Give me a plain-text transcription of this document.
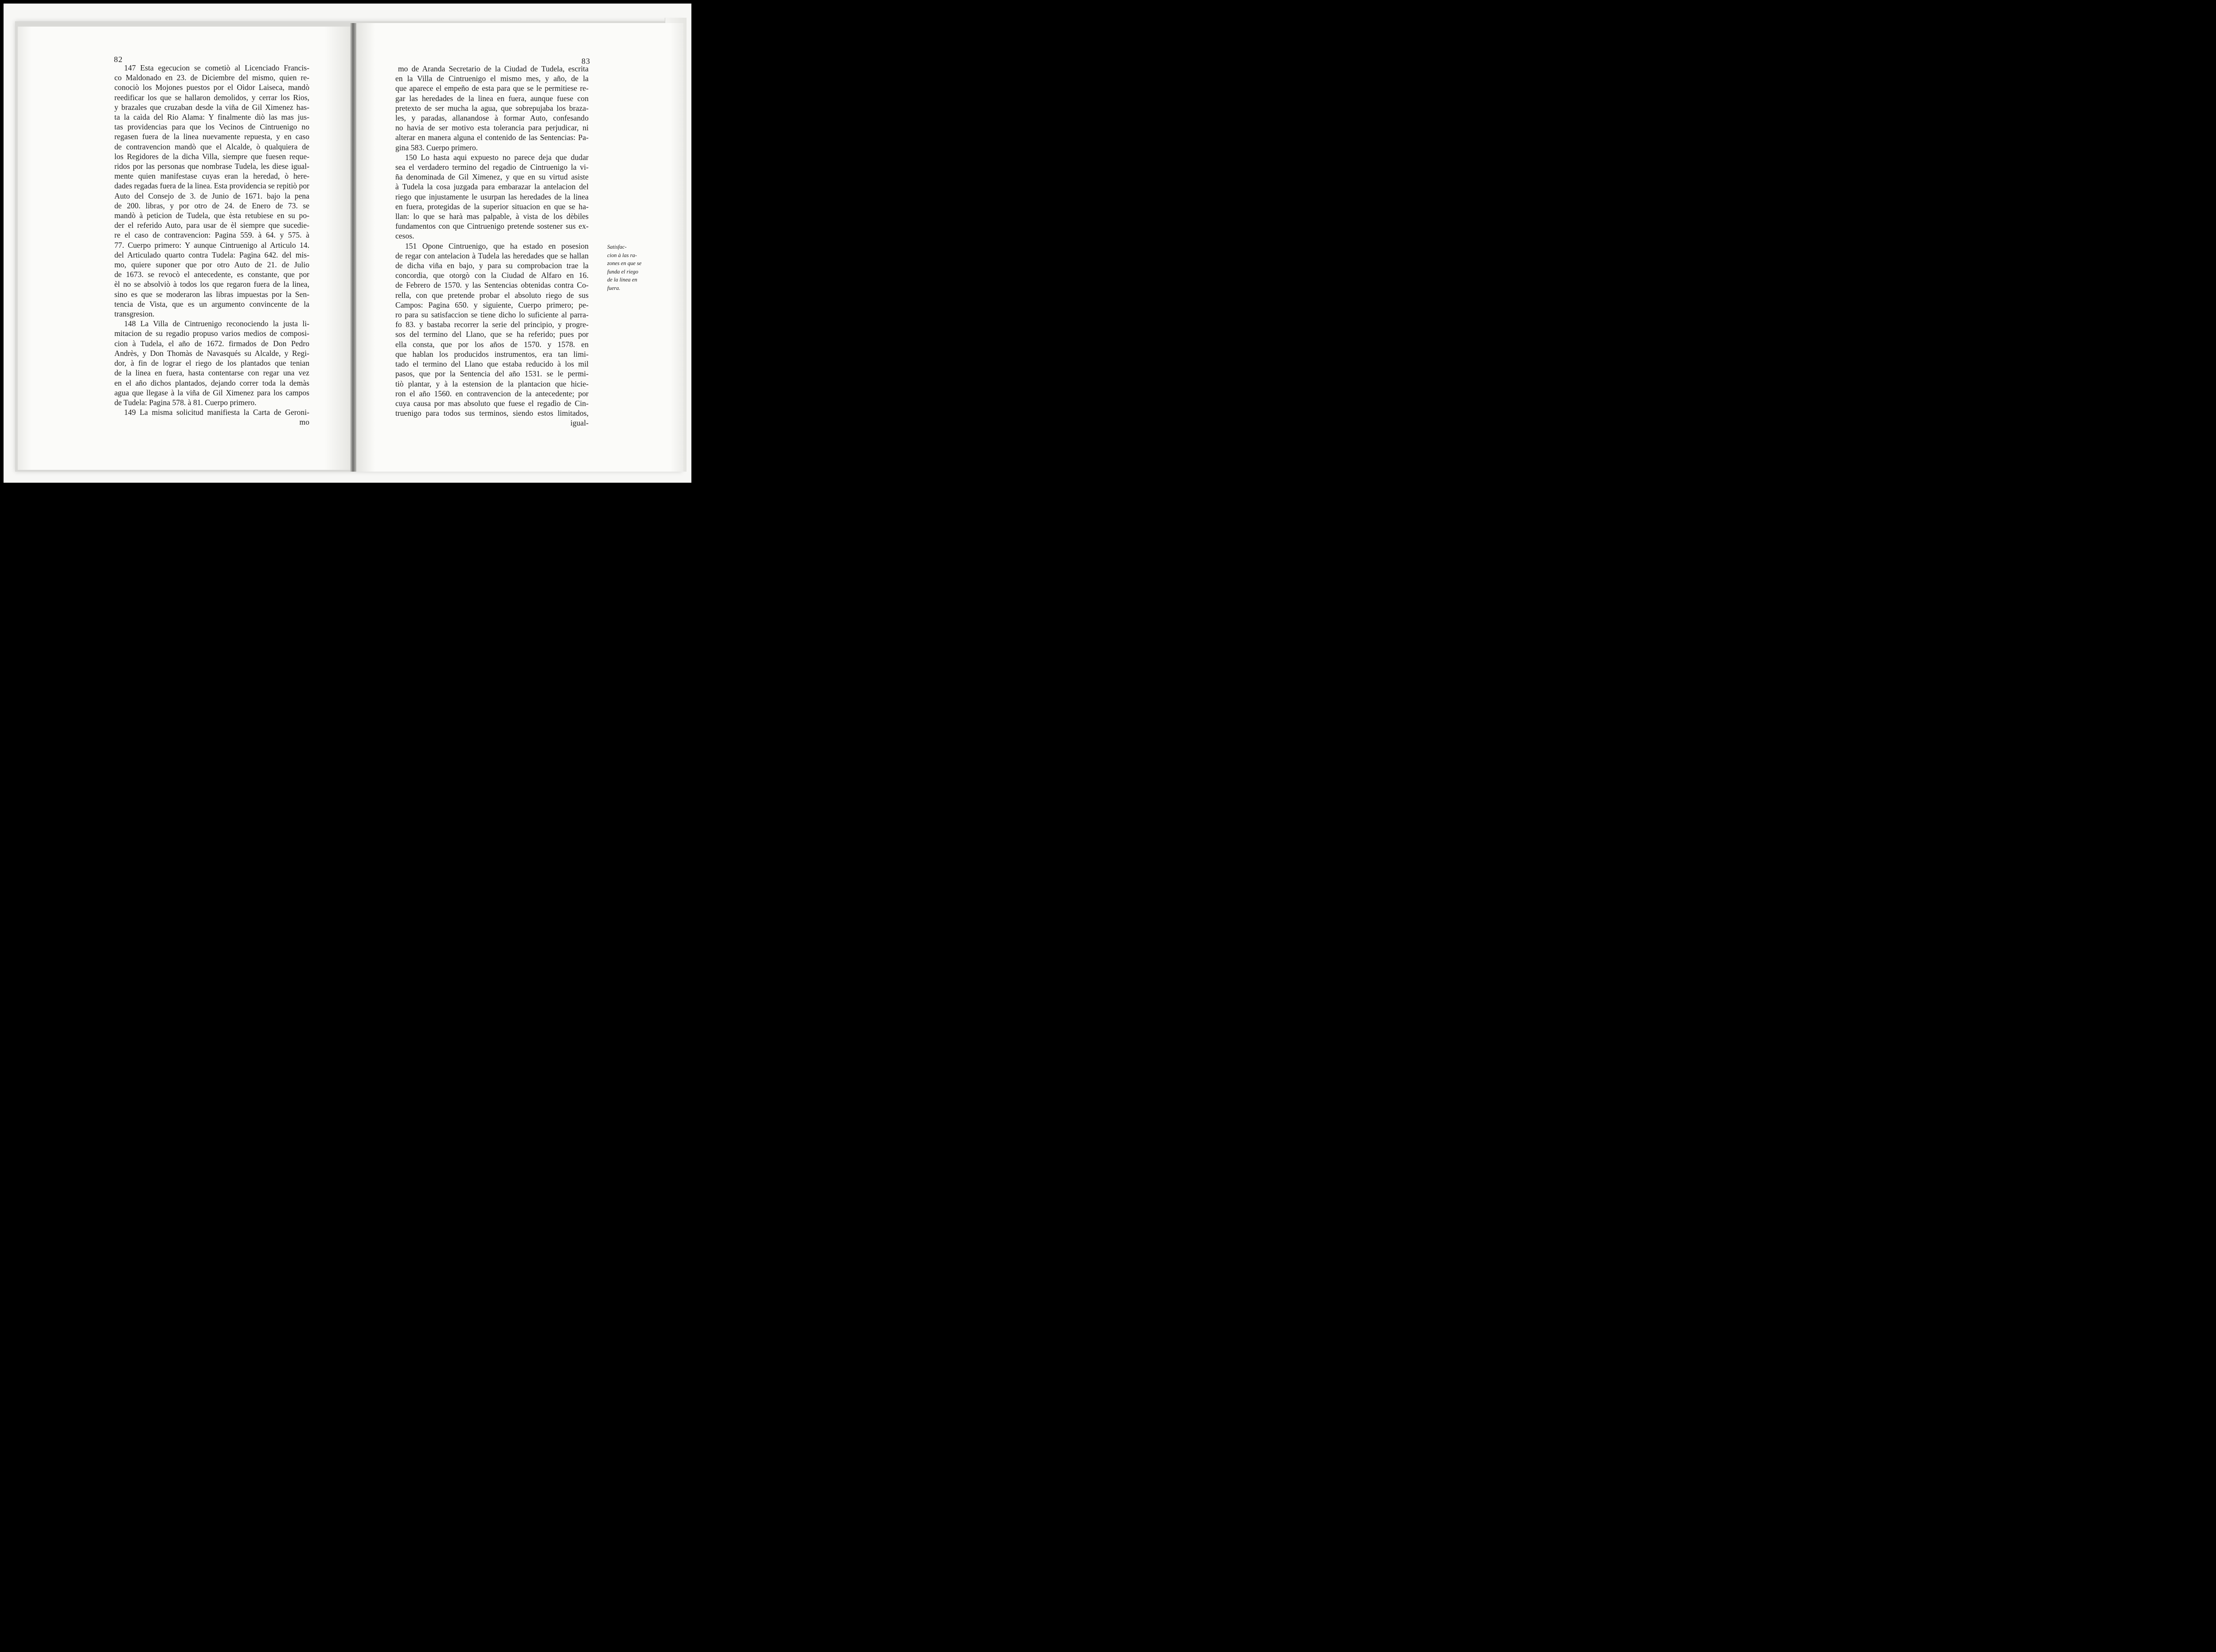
82	83
147 Esta egecucion se cometiò al Licenciado Francis-
co Maldonado en 23. de Diciembre del mismo, quien re-
conociò los Mojones puestos por el Oìdor Laiseca, mandò
reedificar los que se hallaron demolidos, y cerrar los Rios,
y brazales que cruzaban desde la viña de Gil Ximenez has-
ta la caìda del Rio Alama: Y finalmente diò las mas jus-
tas providencias para que los Vecinos de Cintruenigo no
regasen fuera de la linea nuevamente repuesta, y en caso
de contravencion mandò que el Alcalde, ò qualquiera de
los Regidores de la dicha Villa, siempre que fuesen reque-
ridos por las personas que nombrase Tudela, les diese igual-
mente quien manifestase cuyas eran la heredad, ò here-
dades regadas fuera de la linea. Esta providencia se repitiò por
Auto del Consejo de 3. de Junio de 1671. bajo la pena
de 200. libras, y por otro de 24. de Enero de 73. se
mandò à peticion de Tudela, que èsta retubiese en su po-
der el referido Auto, para usar de èl siempre que sucedie-
re el caso de contravencion: Pagina 559. à 64. y 575. à
77. Cuerpo primero: Y aunque Cintruenigo al Articulo 14.
del Articulado quarto contra Tudela: Pagina 642. del mis-
mo, quiere suponer que por otro Auto de 21. de Julio
de 1673. se revocò el antecedente, es constante, que por
èl no se absolviò à todos los que regaron fuera de la linea,
sino es que se moderaron las libras impuestas por la Sen-
tencia de Vista, que es un argumento convincente de la
transgresion.
148 La Villa de Cintruenigo reconociendo la justa li-
mitacion de su regadio propuso varios medios de composi-
cion à Tudela, el año de 1672. firmados de Don Pedro
Andrès, y Don Thomàs de Navasqués su Alcalde, y Regi-
dor, à fin de lograr el riego de los plantados que tenian
de la linea en fuera, hasta contentarse con regar una vez
en el año dichos plantados, dejando correr toda la demàs
agua que llegase à la viña de Gil Ximenez para los campos
de Tudela: Pagina 578. à 81. Cuerpo primero.
149 La misma solicitud manifiesta la Carta de Geroni-
mo
mo de Aranda Secretario de la Ciudad de Tudela, escrita
en la Villa de Cintruenigo el mismo mes, y año, de la
que aparece el empeño de esta para que se le permitiese re-
gar las heredades de la linea en fuera, aunque fuese con
pretexto de ser mucha la agua, que sobrepujaba los braza-
les, y paradas, allanandose à formar Auto, confesando
no havia de ser motivo esta tolerancia para perjudicar, ni
alterar en manera alguna el contenido de las Sentencias: Pa-
gina 583. Cuerpo primero.
150 Lo hasta aqui expuesto no parece deja que dudar
sea el verdadero termino del regadio de Cintruenigo la vi-
ña denominada de Gil Ximenez, y que en su virtud asiste
à Tudela la cosa juzgada para embarazar la antelacion del
riego que injustamente le usurpan las heredades de la linea
en fuera, protegidas de la superior situacion en que se ha-
llan: lo que se harà mas palpable, à vista de los dèbiles
fundamentos con que Cintruenigo pretende sostener sus ex-
cesos.
151 Opone Cintruenigo, que ha estado en posesion
de regar con antelacion à Tudela las heredades que se hallan
de dicha viña en bajo, y para su comprobacion trae la
concordia, que otorgò con la Ciudad de Alfaro en 16.
de Febrero de 1570. y las Sentencias obtenidas contra Co-
rella, con que pretende probar el absoluto riego de sus
Campos: Pagina 650. y siguiente, Cuerpo primero; pe-
ro para su satisfaccion se tiene dicho lo suficiente al parra-
fo 83. y bastaba recorrer la serie del principio, y progre-
sos del termino del Llano, que se ha referido; pues por
ella consta, que por los años de 1570. y 1578. en
que hablan los producidos instrumentos, era tan limi-
tado el termino del Llano que estaba reducido à los mil
pasos, que por la Sentencia del año 1531. se le permi-
tiò plantar, y à la estension de la plantacion que hicie-
ron el año 1560. en contravencion de la antecedente; por
cuya causa por mas absoluto que fuese el regadìo de Cin-
truenigo para todos sus terminos, siendo estos limitados,
igual-
Satisfac-
cion à las ra-
zones en que se
funda el riego
de la linea en
fuera.
